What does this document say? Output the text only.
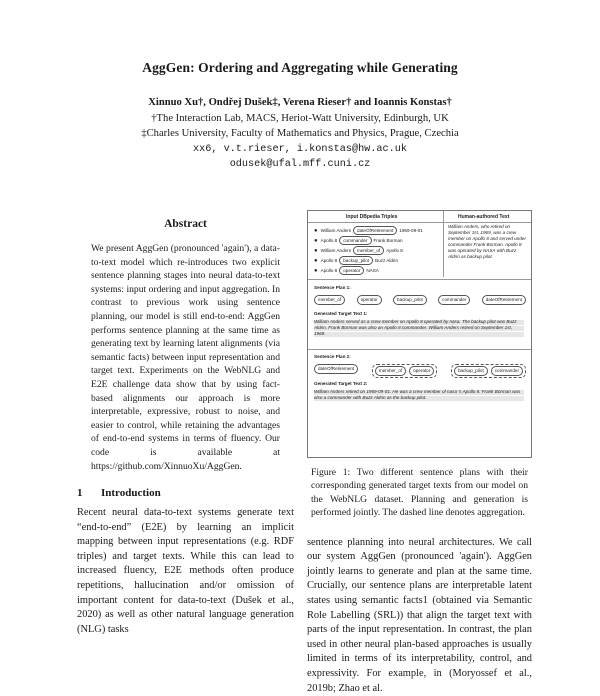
AggGen: Ordering and Aggregating while Generating
Xinnuo Xu†, Ondřej Dušek‡, Verena Rieser† and Ioannis Konstas†
†The Interaction Lab, MACS, Heriot-Watt University, Edinburgh, UK
‡Charles University, Faculty of Mathematics and Physics, Prague, Czechia
xx6, v.t.rieser, i.konstas@hw.ac.uk
odusek@ufal.mff.cuni.cz
Abstract
We present AggGen (pronounced 'again'), a data-to-text model which re-introduces two explicit sentence planning stages into neural data-to-text systems: input ordering and input aggregation. In contrast to previous work using sentence planning, our model is still end-to-end: AggGen performs sentence planning at the same time as generating text by learning latent alignments (via semantic facts) between input representation and target text. Experiments on the WebNLG and E2E challenge data show that by using fact-based alignments our approach is more interpretable, expressive, robust to noise, and easier to control, while retaining the advantages of end-to-end systems in terms of fluency. Our code is available at https://github.com/XinnuoXu/AggGen.
1 Introduction
Recent neural data-to-text systems generate text “end-to-end” (E2E) by learning an implicit mapping between input representations (e.g. RDF triples) and target texts. While this can lead to increased fluency, E2E methods often produce repetitions, hallucination and/or omission of important content for data-to-text (Dušek et al., 2020) as well as other natural language generation (NLG) tasks
Input DBpedia Triples	Human-authored Text
● William Anders	dateOfRetirement	1969-09-01
● Apollo 8	commander	Frank Borman
● William Anders	member_of	Apollo 8
● Apollo 8	backup_pilot	Buzz Aldrin
● Apollo 8	operator	NASA
William Anders, who retired on September 1st, 1969, was a crew member on Apollo 8 and served under commander Frank Borman. Apollo 8 was operated by NASA with Buzz Aldrin as backup pilot.
Sentence Plan 1:
member_of	operator	backup_pilot	commander	dateOfRetirement
Generated Target Text 1:
William Anders served as a crew member on Apollo 8 operated by nasa. The backup pilot was Buzz Aldrin. Frank Borman was also an Apollo 8 commander. William Anders retired on September 1st, 1969.
Sentence Plan 2:
dateOfRetirement	member_of	operator	backup_pilot	commander
Generated Target Text 2:
William Anders retired on 1969-09-01. He was a crew member of nasa 's Apollo 8. Frank Borman was also a commander with Buzz Aldrin as the backup pilot.
Figure 1: Two different sentence plans with their corresponding generated target texts from our model on the WebNLG dataset. Planning and generation is performed jointly. The dashed line denotes aggregation.
sentence planning into neural architectures. We call our system AggGen (pronounced 'again'). AggGen jointly learns to generate and plan at the same time. Crucially, our sentence plans are interpretable latent states using semantic facts1 (obtained via Semantic Role Labelling (SRL)) that align the target text with parts of the input representation. In contrast, the plan used in other neural plan-based approaches is usually limited in terms of its interpretability, control, and expressivity. For example, in (Moryossef et al., 2019b; Zhao et al.
